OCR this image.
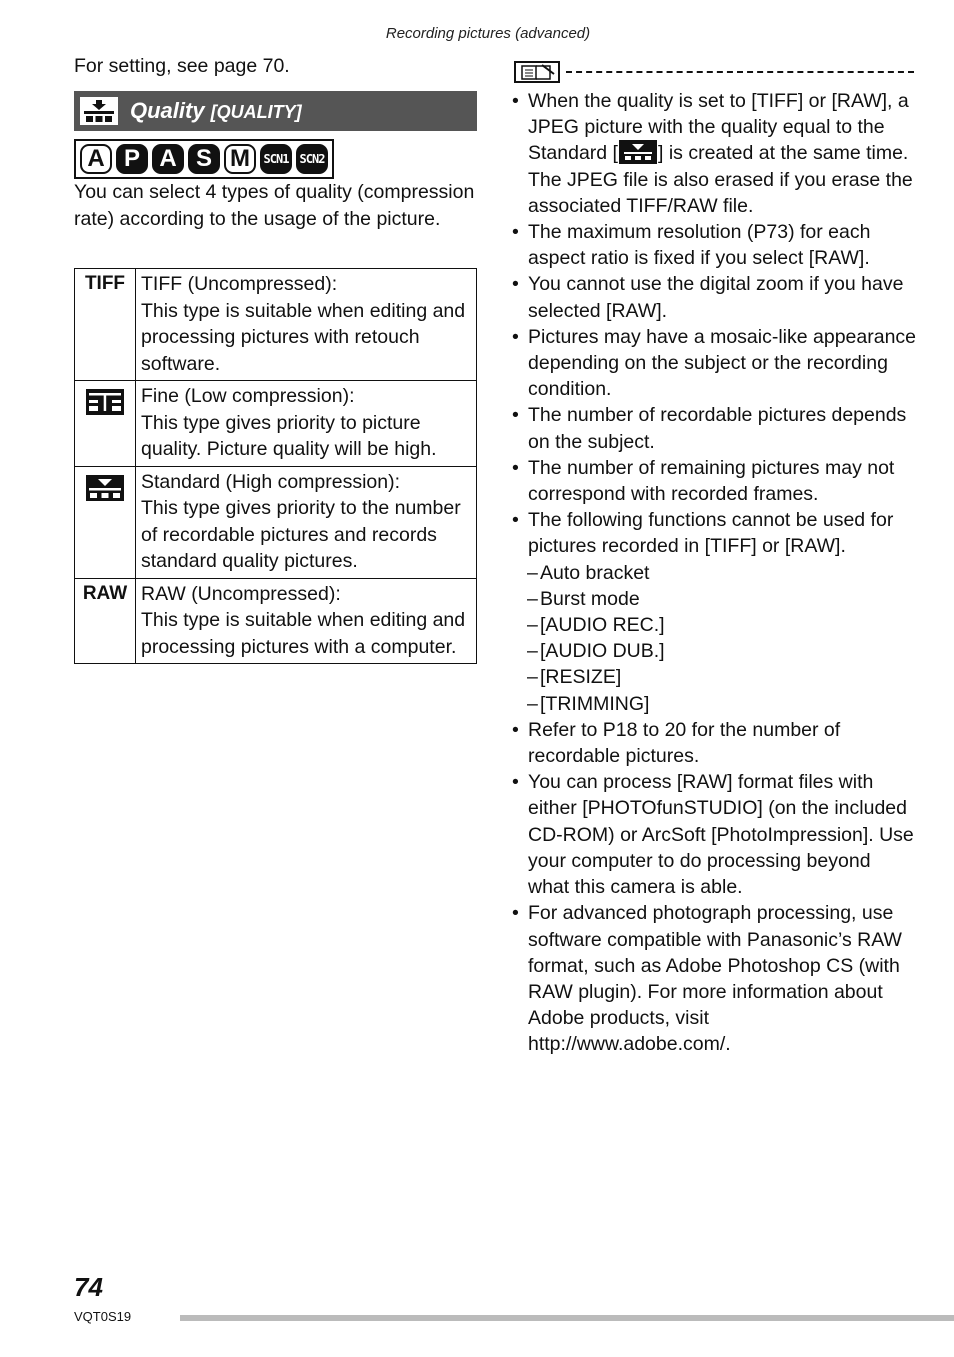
Recording pictures (advanced)
For setting, see page 70.
Quality [QUALITY]
A P A S M	SCN1 SCN2
You can select 4 types of quality (compression rate) according to the usage of the picture.
TIFF	TIFF (Uncompressed):
This type is suitable when editing and processing pictures with retouch software.

Fine (Low compression):
This type gives priority to picture quality. Picture quality will be high.

Standard (High compression):
This type gives priority to the number of recordable pictures and records standard quality pictures.

RAW	RAW (Uncompressed):
This type is suitable when editing and processing pictures with a computer.
• When the quality is set to [TIFF] or [RAW], a JPEG picture with the quality equal to the Standard [ ] is created at the same time. The JPEG file is also erased if you erase the associated TIFF/RAW file.
• The maximum resolution (P73) for each aspect ratio is fixed if you select [RAW].
• You cannot use the digital zoom if you have selected [RAW].
• Pictures may have a mosaic-like appearance depending on the subject or the recording condition.
• The number of recordable pictures depends on the subject.
• The number of remaining pictures may not correspond with recorded frames.
• The following functions cannot be used for pictures recorded in [TIFF] or [RAW].
– Auto bracket
– Burst mode
– [AUDIO REC.]
– [AUDIO DUB.]
– [RESIZE]
– [TRIMMING]
• Refer to P18 to 20 for the number of recordable pictures.
• You can process [RAW] format files with either [PHOTOfunSTUDIO] (on the included CD-ROM) or ArcSoft [PhotoImpression]. Use your computer to do processing beyond what this camera is able.
• For advanced photograph processing, use software compatible with Panasonic’s RAW format, such as Adobe Photoshop CS (with RAW plugin). For more information about Adobe products, visit http://www.adobe.com/.
74
VQT0S19
